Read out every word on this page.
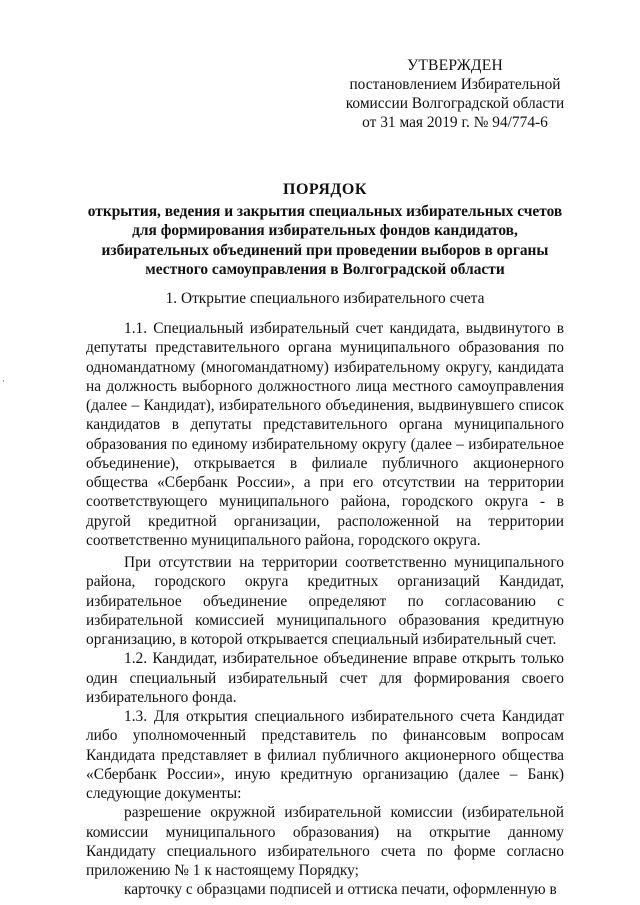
УТВЕРЖДЕН
постановлением Избирательной
комиссии Волгоградской области
от 31 мая 2019 г. № 94/774-6
ПОРЯДОК
открытия, ведения и закрытия специальных избирательных счетов
для формирования избирательных фондов кандидатов,
избирательных объединений при проведении выборов в органы
местного самоуправления в Волгоградской области
1. Открытие специального избирательного счета

1.1. Специальный избирательный счет кандидата, выдвинутого в депутаты представительного органа муниципального образования по одномандатному (многомандатному) избирательному округу, кандидата на должность выборного должностного лица местного самоуправления (далее – Кандидат), избирательного объединения, выдвинувшего список кандидатов в депутаты представительного органа муниципального образования по единому избирательному округу (далее – избирательное объединение), открывается в филиале публичного акционерного общества «Сбербанк России», а при его отсутствии на территории соответствующего муниципального района, городского округа - в другой кредитной организации, расположенной на территории соответственно муниципального района, городского округа.

При отсутствии на территории соответственно муниципального района, городского округа кредитных организаций Кандидат, избирательное объединение определяют по согласованию с избирательной комиссией муниципального образования кредитную организацию, в которой открывается специальный избирательный счет.

1.2. Кандидат, избирательное объединение вправе открыть только один специальный избирательный счет для формирования своего избирательного фонда.

1.3. Для открытия специального избирательного счета Кандидат либо уполномоченный представитель по финансовым вопросам Кандидата представляет в филиал публичного акционерного общества «Сбербанк России», иную кредитную организацию (далее – Банк) следующие документы:

разрешение окружной избирательной комиссии (избирательной комиссии муниципального образования) на открытие данному Кандидату специального избирательного счета по форме согласно приложению № 1 к настоящему Порядку;

карточку с образцами подписей и оттиска печати, оформленную в

·
